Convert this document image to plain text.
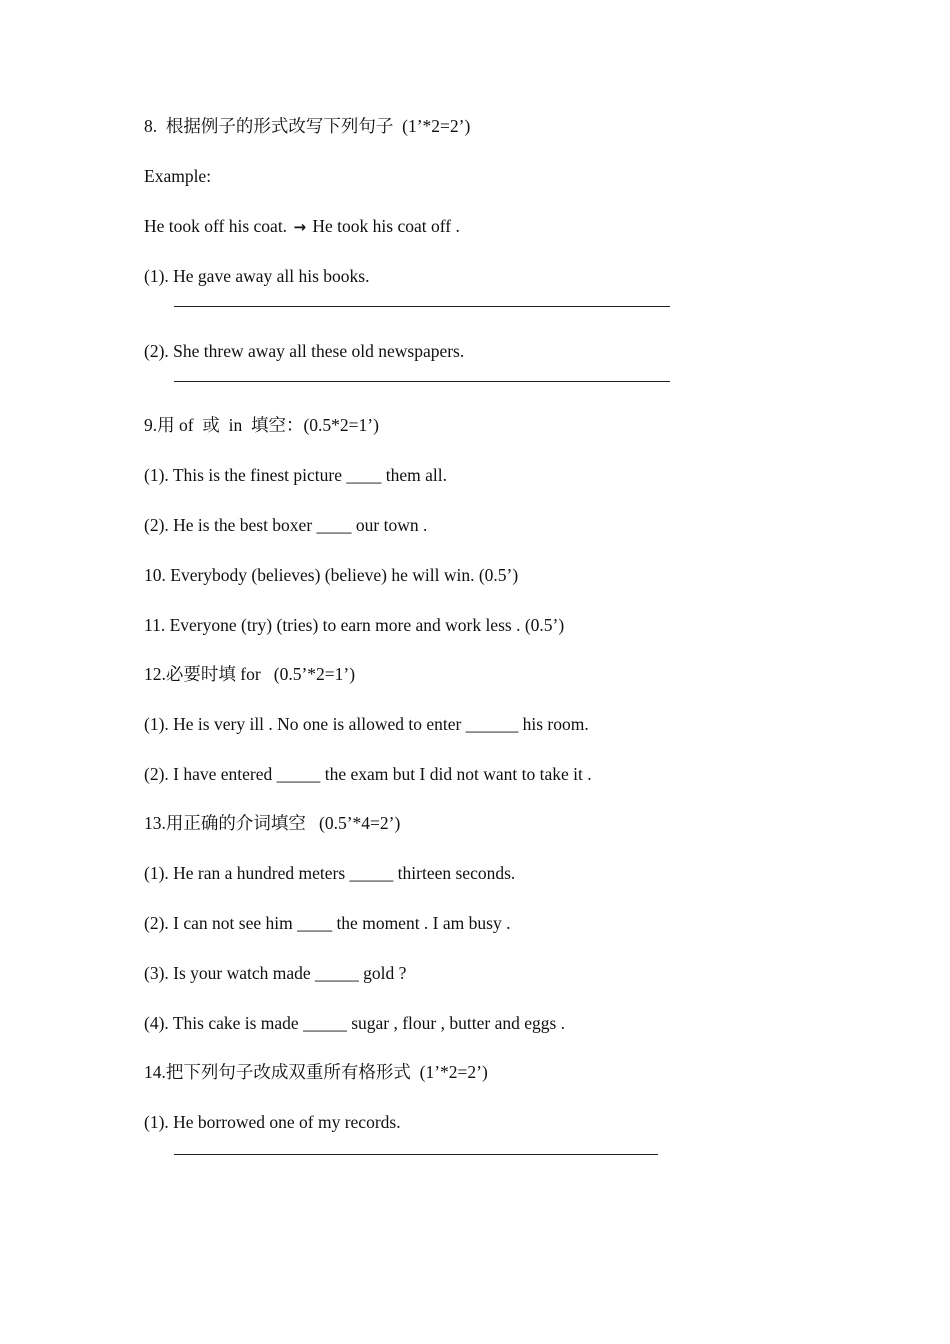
8.  根据例子的形式改写下列句子  (1’*2=2’)
Example:
He took off his coat. → He took his coat off .
(1). He gave away all his books.
(2). She threw away all these old newspapers.
9.用 of  或  in  填空：(0.5*2=1’)
(1). This is the finest picture ____ them all.
(2). He is the best boxer ____ our town .
10. Everybody (believes) (believe) he will win. (0.5’)
11. Everyone (try) (tries) to earn more and work less . (0.5’)
12.必要时填 for   (0.5’*2=1’)
(1). He is very ill . No one is allowed to enter ______ his room.
(2). I have entered _____ the exam but I did not want to take it .
13.用正确的介词填空   (0.5’*4=2’)
(1). He ran a hundred meters _____ thirteen seconds.
(2). I can not see him ____ the moment . I am busy .
(3). Is your watch made _____ gold ?
(4). This cake is made _____ sugar , flour , butter and eggs .
14.把下列句子改成双重所有格形式  (1’*2=2’)
(1). He borrowed one of my records.
